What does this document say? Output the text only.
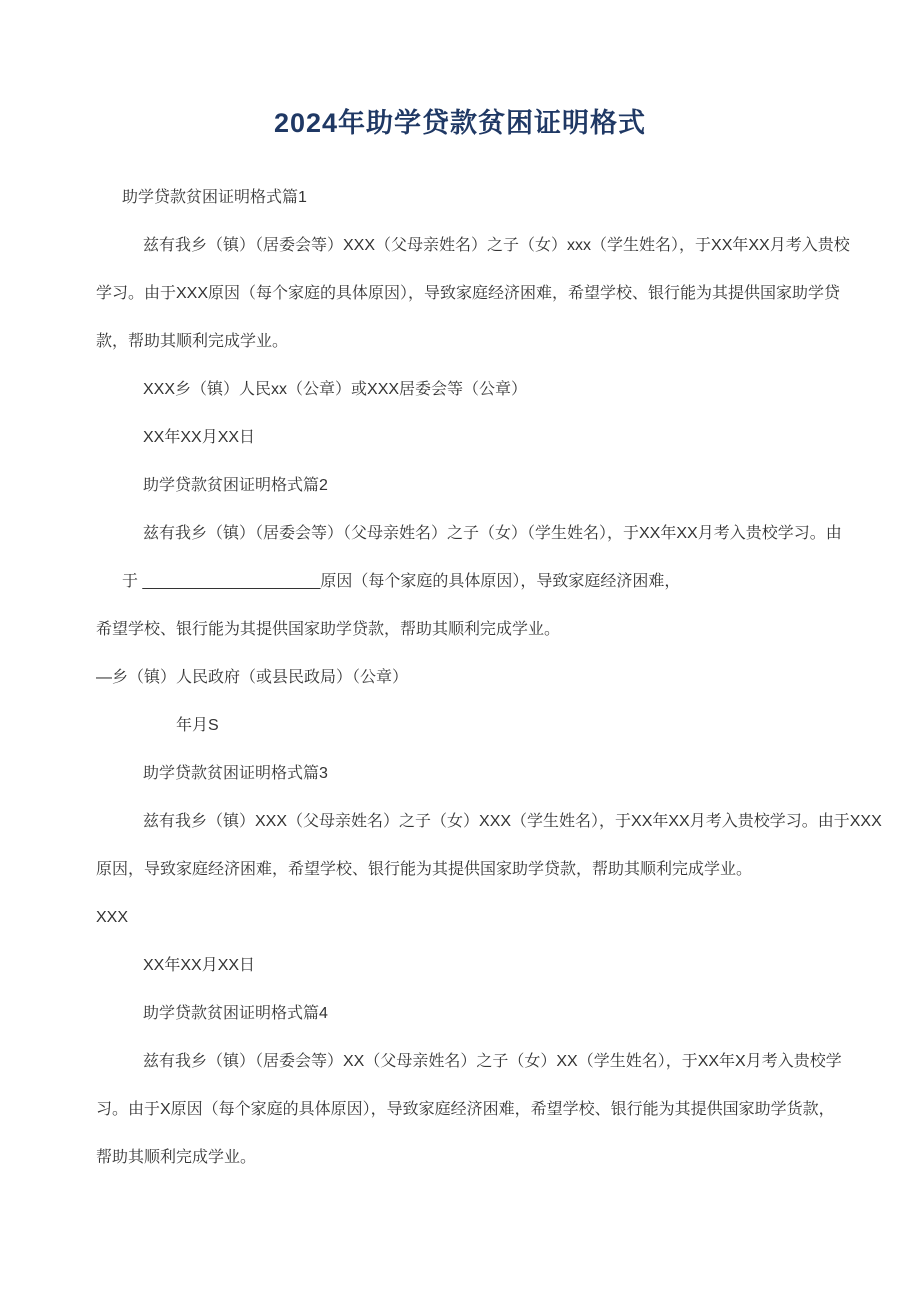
2024年助学贷款贫困证明格式
助学贷款贫困证明格式篇1
兹有我乡（镇）（居委会等）XXX（父母亲姓名）之子（女）xxx（学生姓名），于XX年XX月考入贵校
学习。由于XXX原因（每个家庭的具体原因），导致家庭经济困难，希望学校、银行能为其提供国家助学贷
款，帮助其顺利完成学业。
XXX乡（镇）人民xx（公章）或XXX居委会等（公章）
XX年XX月XX日
助学贷款贫困证明格式篇2
兹有我乡（镇）（居委会等）（父母亲姓名）之子（女）（学生姓名），于XX年XX月考入贵校学习。由
于 ____________________原因（每个家庭的具体原因），导致家庭经济困难，
希望学校、银行能为其提供国家助学贷款，帮助其顺利完成学业。
—乡（镇）人民政府（或县民政局）（公章）
年月S
助学贷款贫困证明格式篇3
兹有我乡（镇）XXX（父母亲姓名）之子（女）XXX（学生姓名），于XX年XX月考入贵校学习。由于XXX
原因，导致家庭经济困难，希望学校、银行能为其提供国家助学贷款，帮助其顺利完成学业。
XXX
XX年XX月XX日
助学贷款贫困证明格式篇4
兹有我乡（镇）（居委会等）XX（父母亲姓名）之子（女）XX（学生姓名），于XX年X月考入贵校学
习。由于X原因（每个家庭的具体原因），导致家庭经济困难，希望学校、银行能为其提供国家助学货款，
帮助其顺利完成学业。
